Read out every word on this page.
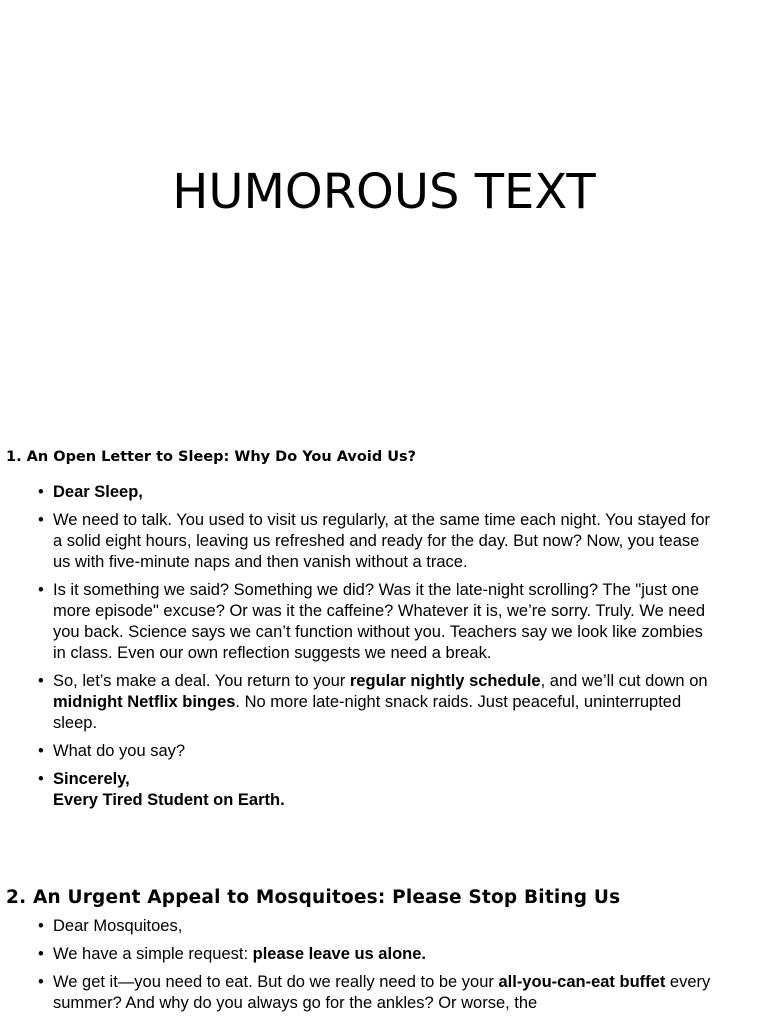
HUMOROUS TEXT
1. An Open Letter to Sleep: Why Do You Avoid Us?
• Dear Sleep,
• We need to talk. You used to visit us regularly, at the same time each night. You stayed for a solid eight hours, leaving us refreshed and ready for the day. But now? Now, you tease us with five-minute naps and then vanish without a trace.
• Is it something we said? Something we did? Was it the late-night scrolling? The "just one more episode" excuse? Or was it the caffeine? Whatever it is, we’re sorry. Truly. We need you back. Science says we can’t function without you. Teachers say we look like zombies in class. Even our own reflection suggests we need a break.
• So, let’s make a deal. You return to your regular nightly schedule, and we’ll cut down on midnight Netflix binges. No more late-night snack raids. Just peaceful, uninterrupted sleep.
• What do you say?
• Sincerely,
Every Tired Student on Earth.
2. An Urgent Appeal to Mosquitoes: Please Stop Biting Us
• Dear Mosquitoes,
• We have a simple request: please leave us alone.
• We get it—you need to eat. But do we really need to be your all-you-can-eat buffet every summer? And why do you always go for the ankles? Or worse, the
